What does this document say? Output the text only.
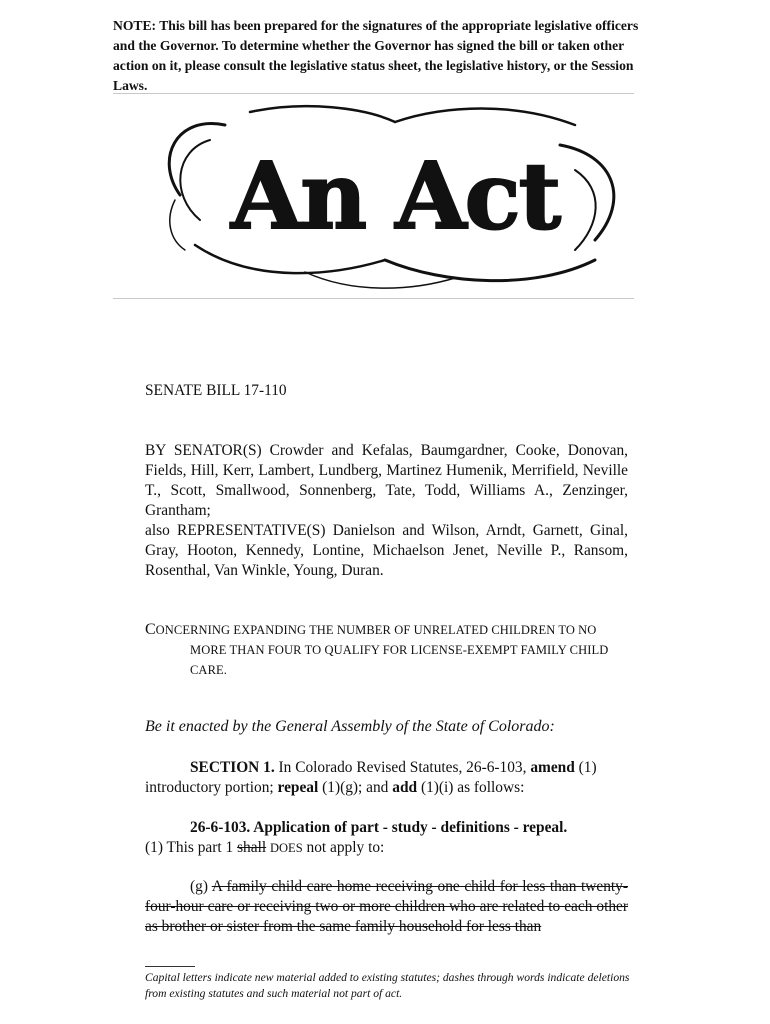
NOTE: This bill has been prepared for the signatures of the appropriate legislative officers and the Governor. To determine whether the Governor has signed the bill or taken other action on it, please consult the legislative status sheet, the legislative history, or the Session Laws.
An Act
SENATE BILL 17-110

BY SENATOR(S) Crowder and Kefalas, Baumgardner, Cooke, Donovan, Fields, Hill, Kerr, Lambert, Lundberg, Martinez Humenik, Merrifield, Neville T., Scott, Smallwood, Sonnenberg, Tate, Todd, Williams A., Zenzinger, Grantham;

also REPRESENTATIVE(S) Danielson and Wilson, Arndt, Garnett, Ginal, Gray, Hooton, Kennedy, Lontine, Michaelson Jenet, Neville P., Ransom, Rosenthal, Van Winkle, Young, Duran.

CONCERNING EXPANDING THE NUMBER OF UNRELATED CHILDREN TO NO
MORE THAN FOUR TO QUALIFY FOR LICENSE-EXEMPT FAMILY CHILD
CARE.
Be it enacted by the General Assembly of the State of Colorado:
SECTION 1. In Colorado Revised Statutes, 26-6-103, amend (1) introductory portion; repeal (1)(g); and add (1)(i) as follows:
26-6-103. Application of part - study - definitions - repeal.
(1) This part 1 shall DOES not apply to:
(g) A family child care home receiving one child for less than twenty-four-hour care or receiving two or more children who are related to each other as brother or sister from the same family household for less than
Capital letters indicate new material added to existing statutes; dashes through words indicate deletions from existing statutes and such material not part of act.
